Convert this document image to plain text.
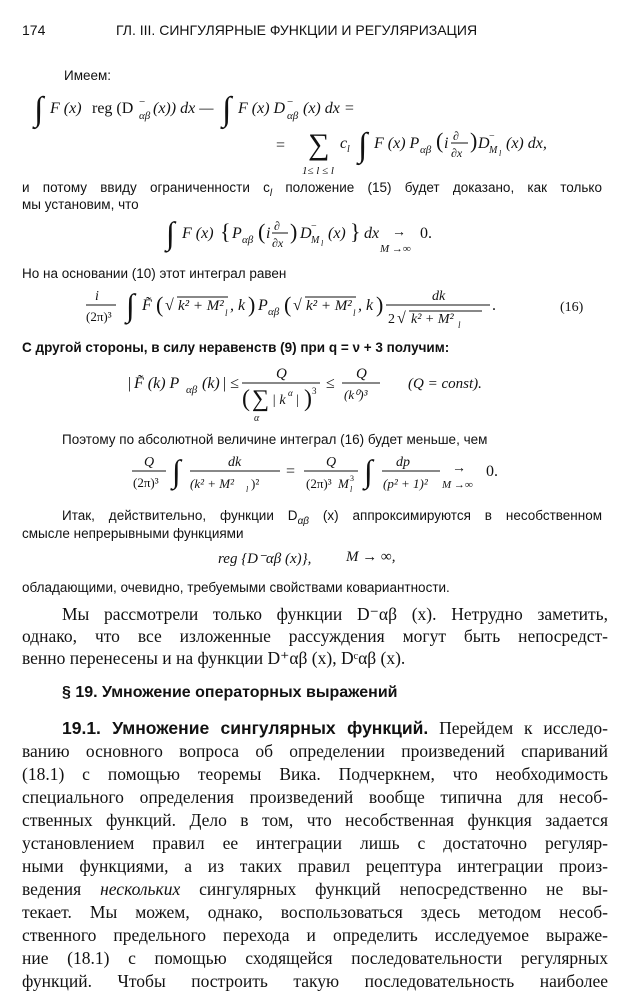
174	ГЛ. III. СИНГУЛЯРНЫЕ ФУНКЦИИ И РЕГУЛЯРИЗАЦИЯ
Имеем:
∫ F (x) reg (D αβ
− (x)) dx — ∫ F (x) D αβ
− (x) dx =
= ∑
1≤ l ≤ l
c l ∫ F (x) P αβ ( i ∂
∂x ) D −
M l
(x) dx,
и потому ввиду ограниченности $c_l$ положение (15) будет доказано, как только
мы установим, что
∫ F (x) { P αβ ( i ∂
∂x ) D −
M l
(x) } dx →
M →∞
0.
Но на основании (10) этот интеграл равен
i
(2π)³ ∫ F̃ ( √ k² + M² l , k ) P αβ ( √ k² + M² l , k )	dk
2 √ k² + M² l
.	(16)
С другой стороны, в силу неравенств (9) при q = ν + 3 получим:
| F̃ (k) P αβ (k) | ≤
Q
( ∑
α
| k α | ) 3 ≤
Q
(k⁰)³
(Q = const).
Поэтому по абсолютной величине интеграл (16) будет меньше, чем
Q
(2π)³ ∫	dk
(k² + M² l )²
=
Q
(2π)³ M 3
l
∫ dp
(p² + 1)²
→
M →∞
0.
Итак, действительно, функции $D_{\alpha\beta}$ (x) аппроксимируются в несобственном
смысле непрерывными функциями
reg {D⁻αβ (x)}, M → ∞,
обладающими, очевидно, требуемыми свойствами ковариантности.
Мы рассмотрели только функции D⁻αβ (x). Нетрудно заметить,
однако, что все изложенные рассуждения могут быть непосредст-
венно перенесены и на функции D⁺αβ (x), Dᶜαβ (x).
§ 19. Умножение операторных выражений
19.1. Умножение сингулярных функций. Перейдем к исследо-
ванию основного вопроса об определении произведений спариваний
(18.1) с помощью теоремы Вика. Подчеркнем, что необходимость
специального определения произведений вообще типична для несоб-
ственных функций. Дело в том, что несобственная функция задается
установлением правил ее интеграции лишь с достаточно регуляр-
ными функциями, а из таких правил рецептура интеграции произ-
ведения нескольких сингулярных функций непосредственно не вы-
текает. Мы можем, однако, воспользоваться здесь методом несоб-
ственного предельного перехода и определить исследуемое выраже-
ние (18.1) с помощью сходящейся последовательности регулярных
функций. Чтобы построить такую последовательность наиболее
